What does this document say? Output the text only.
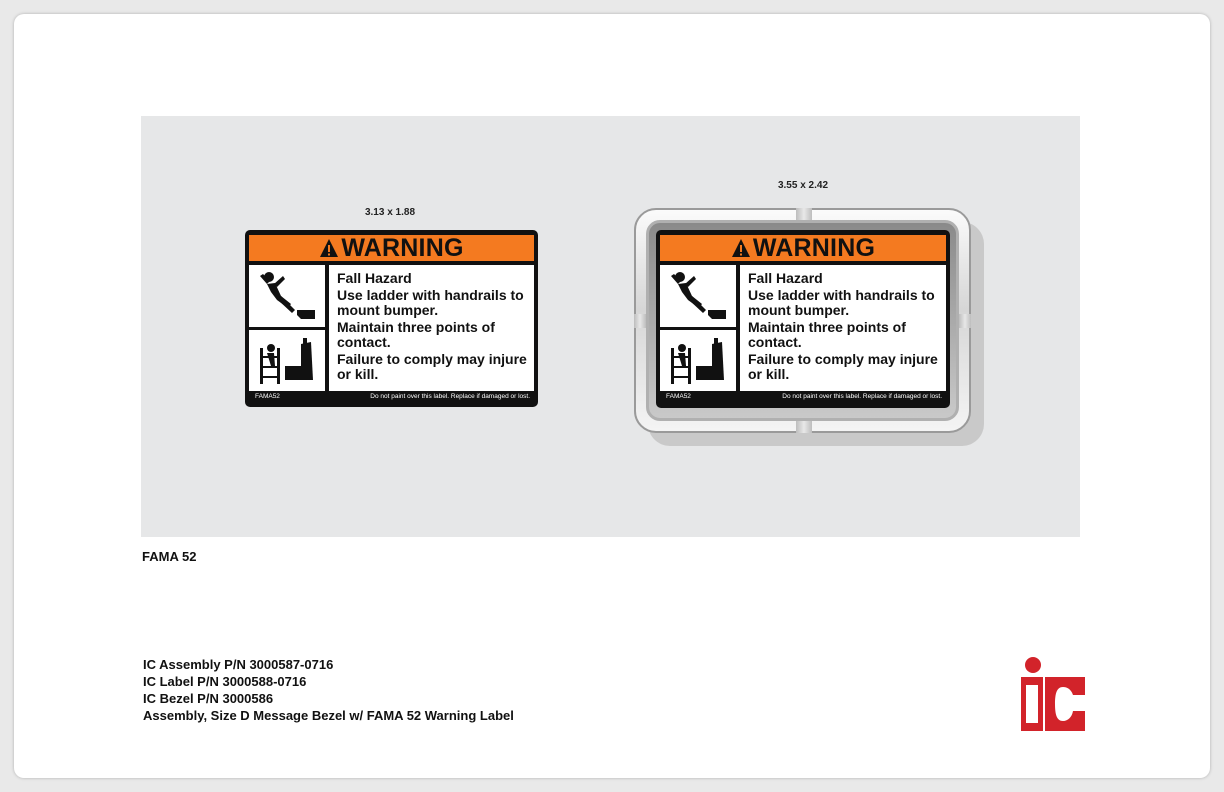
3.13 x 1.88
WARNING

Fall Hazard

Use ladder with handrails to mount bumper.

Maintain three points of contact.

Failure to comply may injure or kill.

FAMA52	Do not paint over this label. Replace if damaged or lost.
3.55 x 2.42
WARNING

Fall Hazard

Use ladder with handrails to mount bumper.

Maintain three points of contact.

Failure to comply may injure or kill.

FAMA52	Do not paint over this label. Replace if damaged or lost.
FAMA 52
IC Assembly P/N 3000587-0716
IC Label P/N 3000588-0716
IC Bezel P/N 3000586
Assembly, Size D Message Bezel w/ FAMA 52 Warning Label
